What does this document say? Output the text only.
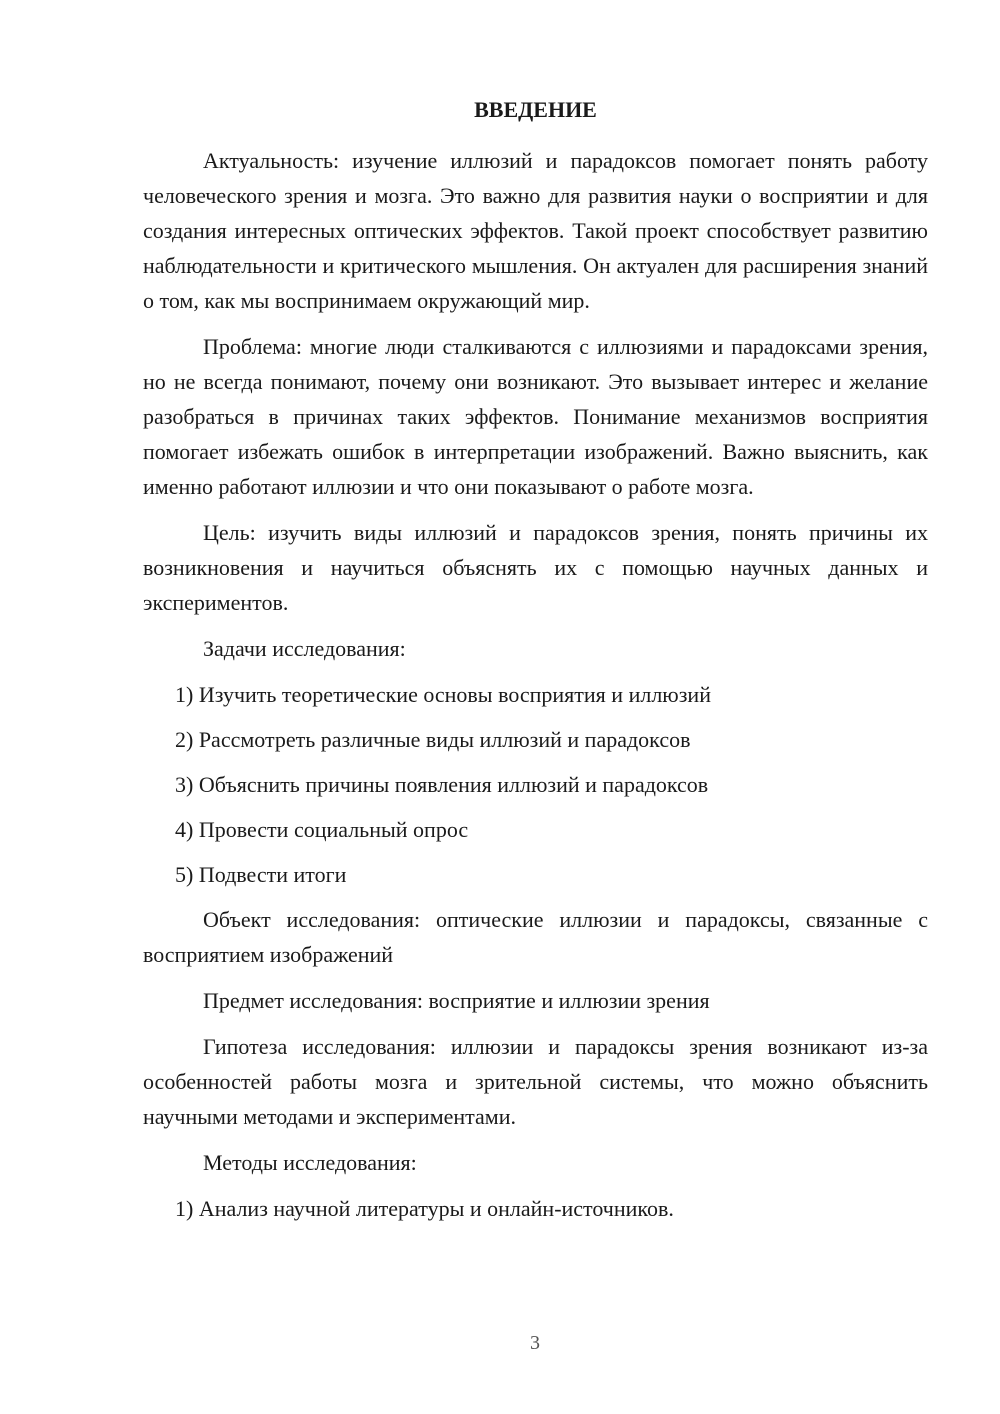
ВВЕДЕНИЕ

Актуальность: изучение иллюзий и парадоксов помогает понять работу человеческого зрения и мозга. Это важно для развития науки о восприятии и для создания интересных оптических эффектов. Такой проект способствует развитию наблюдательности и критического мышления. Он актуален для расширения знаний о том, как мы воспринимаем окружающий мир.

Проблема: многие люди сталкиваются с иллюзиями и парадоксами зрения, но не всегда понимают, почему они возникают. Это вызывает интерес и желание разобраться в причинах таких эффектов. Понимание механизмов восприятия помогает избежать ошибок в интерпретации изображений. Важно выяснить, как именно работают иллюзии и что они показывают о работе мозга.

Цель: изучить виды иллюзий и парадоксов зрения, понять причины их возникновения и научиться объяснять их с помощью научных данных и экспериментов.

Задачи исследования:

1) Изучить теоретические основы восприятия и иллюзий

2) Рассмотреть различные виды иллюзий и парадоксов

3) Объяснить причины появления иллюзий и парадоксов

4) Провести социальный опрос

5) Подвести итоги

Объект исследования: оптические иллюзии и парадоксы, связанные с восприятием изображений

Предмет исследования: восприятие и иллюзии зрения

Гипотеза исследования: иллюзии и парадоксы зрения возникают из-за особенностей работы мозга и зрительной системы, что можно объяснить научными методами и экспериментами.

Методы исследования:

1) Анализ научной литературы и онлайн-источников.

3
